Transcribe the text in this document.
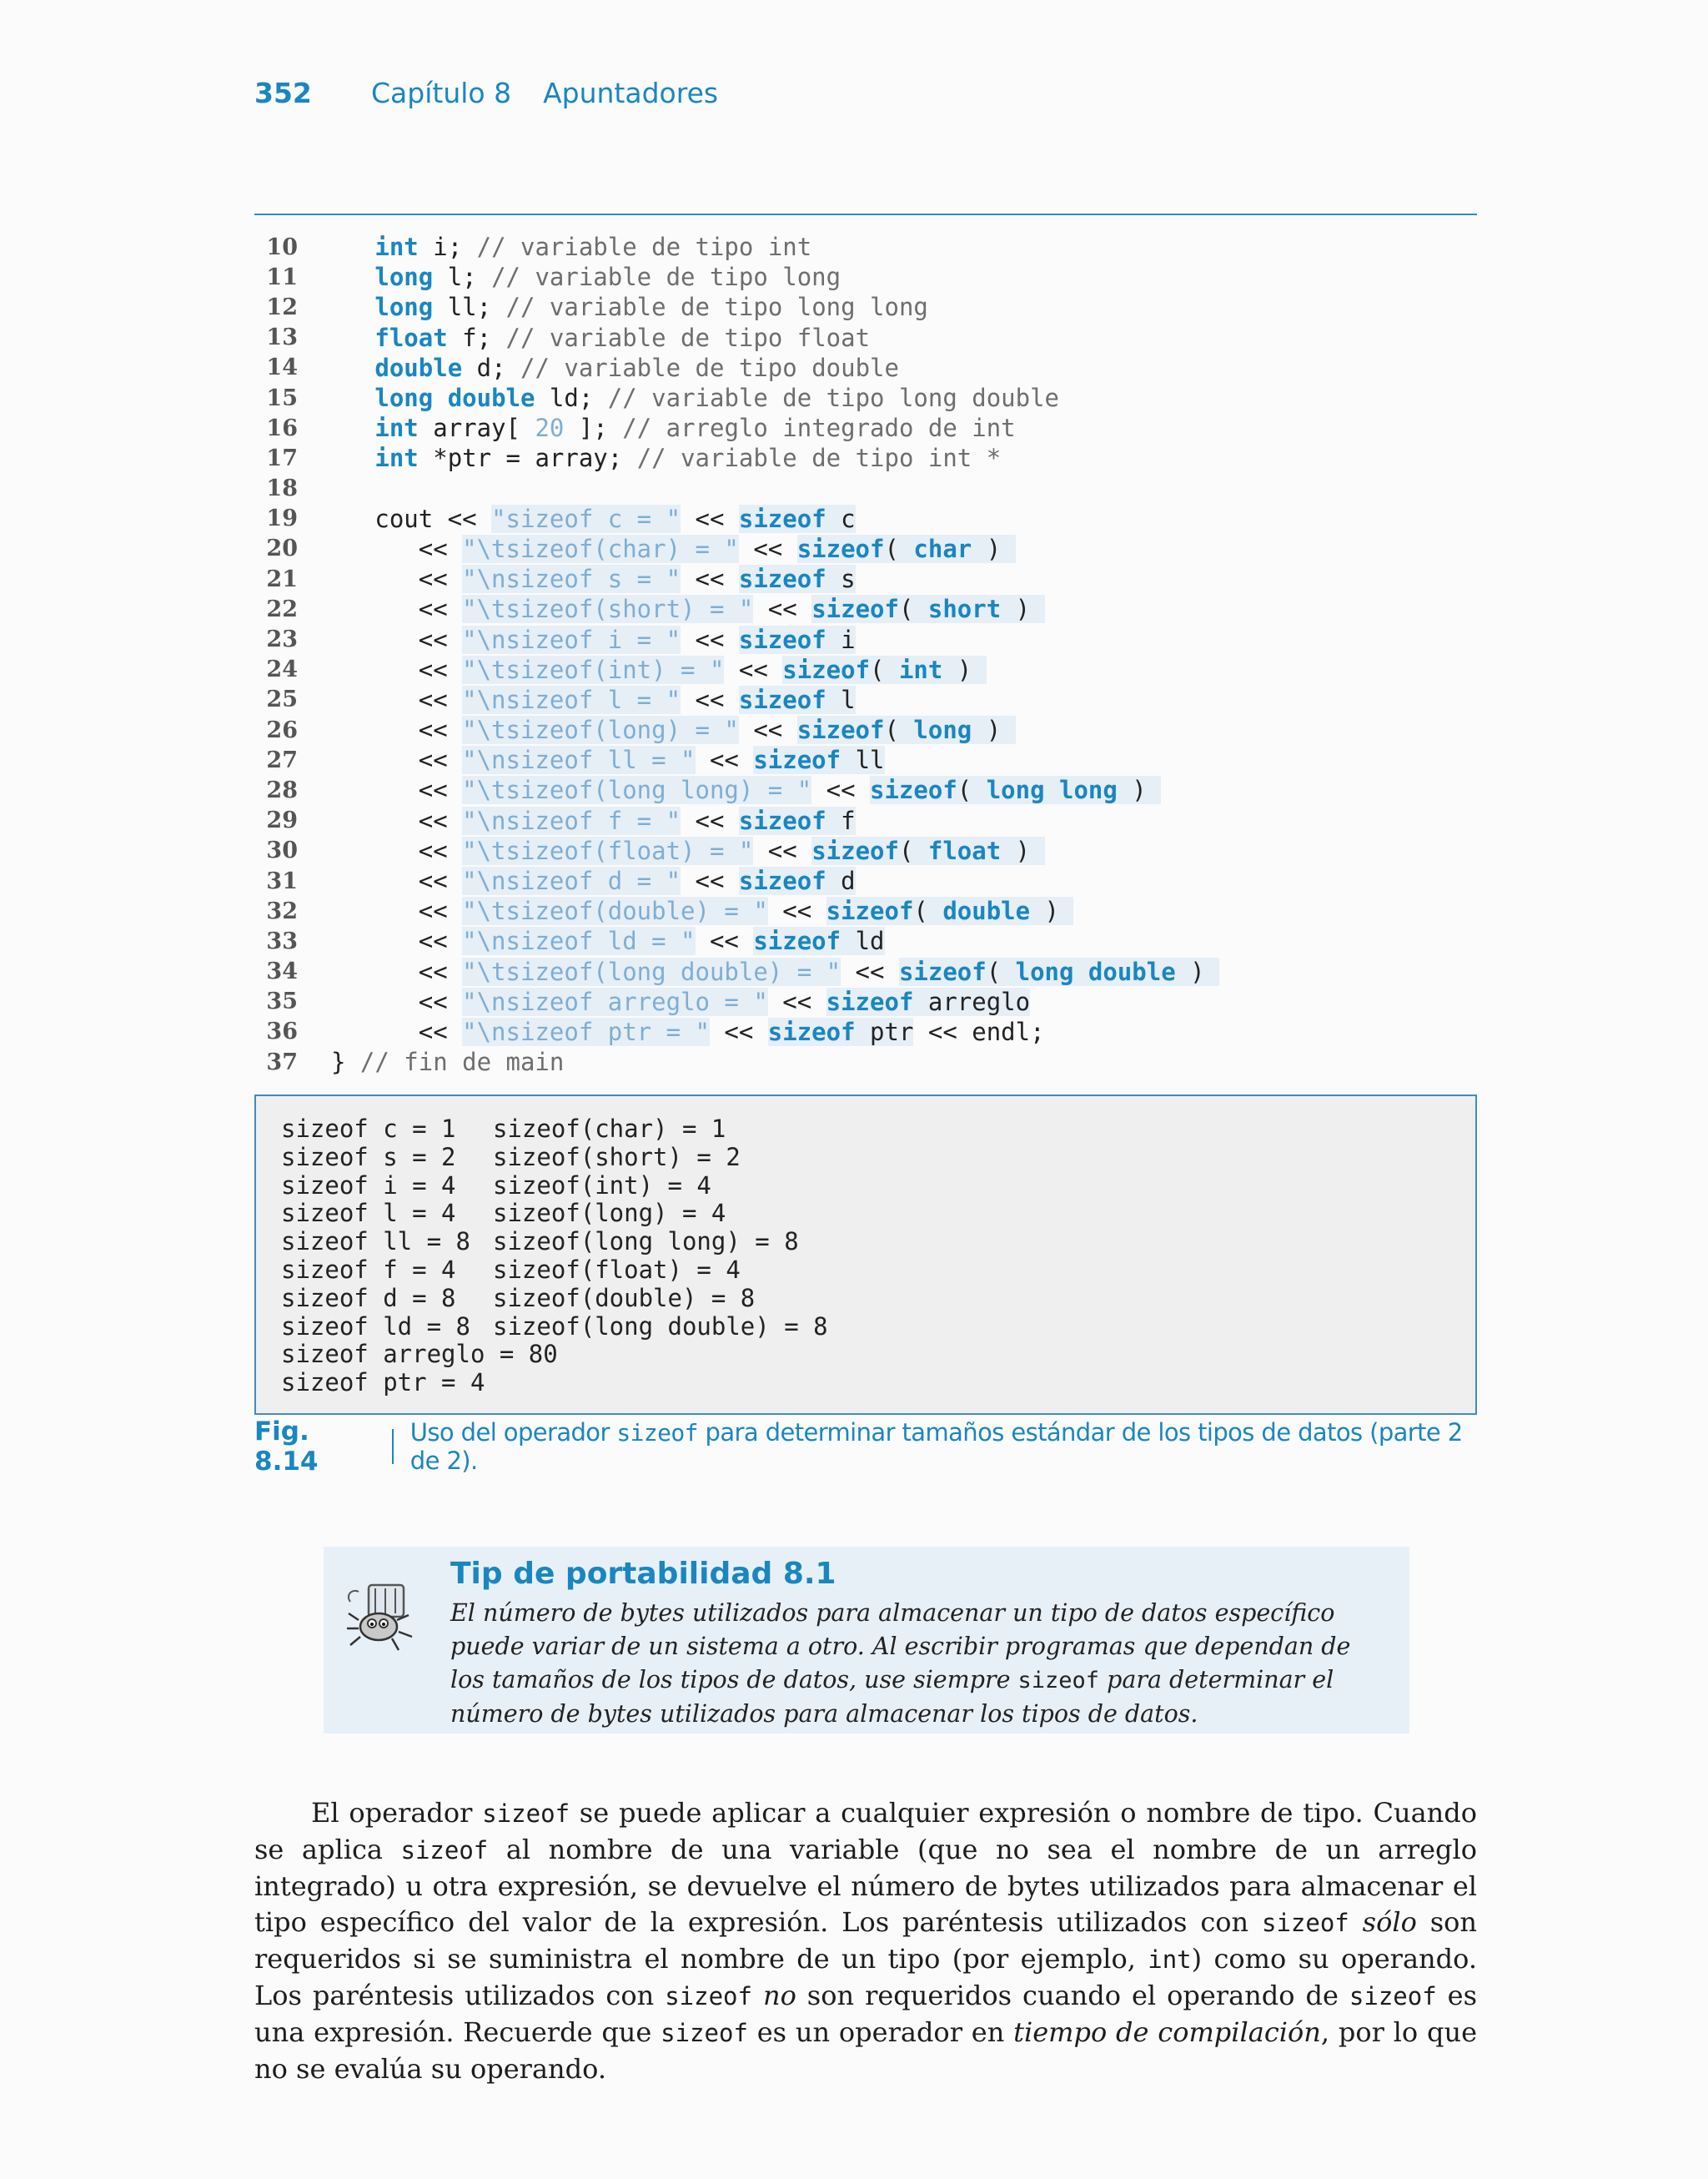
352	Capítulo 8 Apuntadores
10	int i; // variable de tipo int
11	long l; // variable de tipo long
12	long ll; // variable de tipo long long
13	float f; // variable de tipo float
14	double d; // variable de tipo double
15	long double ld; // variable de tipo long double
16	int array[ 20 ]; // arreglo integrado de int
17	int *ptr = array; // variable de tipo int *
18
19 cout << "sizeof c = " << sizeof c
20 << "\tsizeof(char) = " << sizeof( char )
21 << "\nsizeof s = " << sizeof s
22 << "\tsizeof(short) = " << sizeof( short )
23 << "\nsizeof i = " << sizeof i
24 << "\tsizeof(int) = " << sizeof( int )
25 << "\nsizeof l = " << sizeof l
26 << "\tsizeof(long) = " << sizeof( long )
27 << "\nsizeof ll = " << sizeof ll
28 << "\tsizeof(long long) = " << sizeof( long long )
29 << "\nsizeof f = " << sizeof f
30 << "\tsizeof(float) = " << sizeof( float )
31 << "\nsizeof d = " << sizeof d
32 << "\tsizeof(double) = " << sizeof( double )
33 << "\nsizeof ld = " << sizeof ld
34 << "\tsizeof(long double) = " << sizeof( long double )
35 << "\nsizeof arreglo = " << sizeof arreglo
36 << "\nsizeof ptr = " << sizeof ptr << endl;
37 } // fin de main
sizeof c = 1 sizeof(char) = 1
sizeof s = 2 sizeof(short) = 2
sizeof i = 4 sizeof(int) = 4
sizeof l = 4 sizeof(long) = 4
sizeof ll = 8 sizeof(long long) = 8
sizeof f = 4 sizeof(float) = 4
sizeof d = 8 sizeof(double) = 8
sizeof ld = 8 sizeof(long double) = 8
sizeof arreglo = 80
sizeof ptr = 4
Fig. 8.14
Uso del operador sizeof para determinar tamaños estándar de los tipos de datos (parte 2 de 2).
Tip de portabilidad 8.1
El número de bytes utilizados para almacenar un tipo de datos específico puede variar de un sistema a otro. Al escribir programas que dependan de los tamaños de los tipos de datos, use siempre sizeof para determinar el número de bytes utilizados para almacenar los tipos de datos.
El operador sizeof se puede aplicar a cualquier expresión o nombre de tipo. Cuando se aplica sizeof al nombre de una variable (que no sea el nombre de un arreglo integrado) u otra expresión, se devuelve el número de bytes utilizados para almacenar el tipo específico del valor de la expresión. Los paréntesis utilizados con sizeof sólo son requeridos si se suministra el nombre de un tipo (por ejemplo, int) como su operando. Los paréntesis utilizados con sizeof no son requeridos cuando el operando de sizeof es una expresión. Recuerde que sizeof es un operador en tiempo de compilación, por lo que no se evalúa su operando.
